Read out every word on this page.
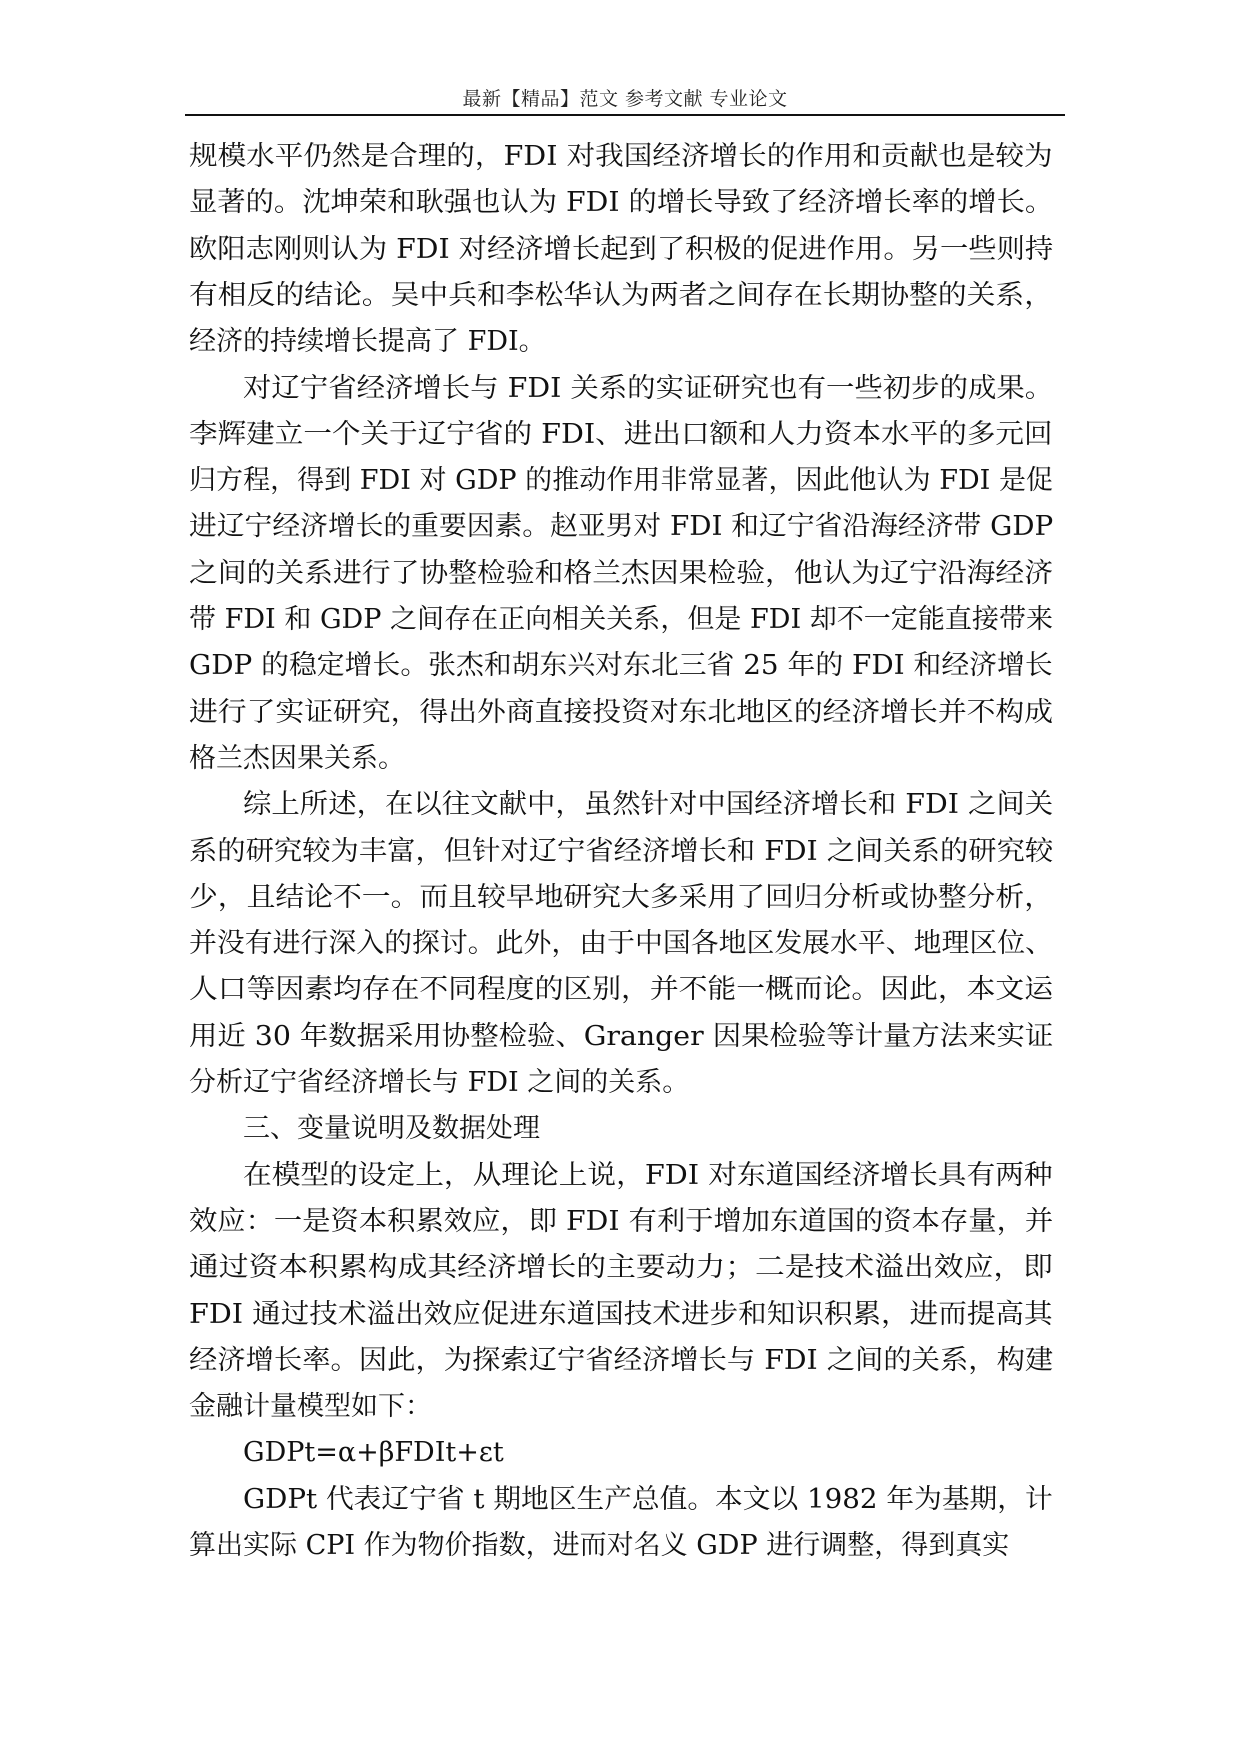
最新【精品】范文 参考文献 专业论文
规模水平仍然是合理的，FDI 对我国经济增长的作用和贡献也是较为
显著的。沈坤荣和耿强也认为 FDI 的增长导致了经济增长率的增长。
欧阳志刚则认为 FDI 对经济增长起到了积极的促进作用。另一些则持
有相反的结论。吴中兵和李松华认为两者之间存在长期协整的关系，
经济的持续增长提高了 FDI。
对辽宁省经济增长与 FDI 关系的实证研究也有一些初步的成果。
李辉建立一个关于辽宁省的 FDI、进出口额和人力资本水平的多元回
归方程，得到 FDI 对 GDP 的推动作用非常显著，因此他认为 FDI 是促
进辽宁经济增长的重要因素。赵亚男对 FDI 和辽宁省沿海经济带 GDP
之间的关系进行了协整检验和格兰杰因果检验，他认为辽宁沿海经济
带 FDI 和 GDP 之间存在正向相关关系，但是 FDI 却不一定能直接带来
GDP 的稳定增长。张杰和胡东兴对东北三省 25 年的 FDI 和经济增长
进行了实证研究，得出外商直接投资对东北地区的经济增长并不构成
格兰杰因果关系。
综上所述，在以往文献中，虽然针对中国经济增长和 FDI 之间关
系的研究较为丰富，但针对辽宁省经济增长和 FDI 之间关系的研究较
少，且结论不一。而且较早地研究大多采用了回归分析或协整分析，
并没有进行深入的探讨。此外，由于中国各地区发展水平、地理区位、
人口等因素均存在不同程度的区别，并不能一概而论。因此，本文运
用近 30 年数据采用协整检验、Granger 因果检验等计量方法来实证
分析辽宁省经济增长与 FDI 之间的关系。
三、变量说明及数据处理
在模型的设定上，从理论上说，FDI 对东道国经济增长具有两种
效应：一是资本积累效应，即 FDI 有利于增加东道国的资本存量，并
通过资本积累构成其经济增长的主要动力；二是技术溢出效应，即
FDI 通过技术溢出效应促进东道国技术进步和知识积累，进而提高其
经济增长率。因此，为探索辽宁省经济增长与 FDI 之间的关系，构建
金融计量模型如下：
GDPt=α+βFDIt+εt
GDPt 代表辽宁省 t 期地区生产总值。本文以 1982 年为基期，计
算出实际 CPI 作为物价指数，进而对名义 GDP 进行调整，得到真实
